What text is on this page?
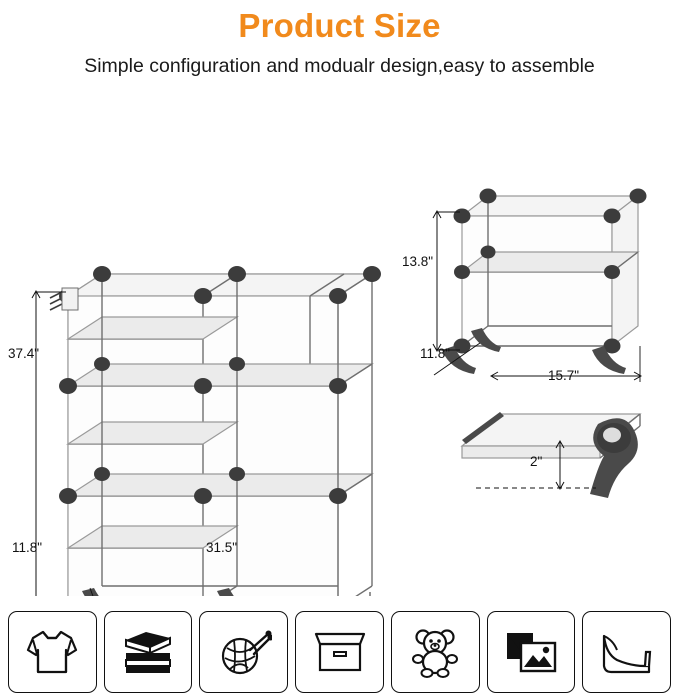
Product Size

Simple configuration and modualr design,easy to assemble

37.4"
11.8"	31.5"
13.8"
11.8"
15.7"
2"
